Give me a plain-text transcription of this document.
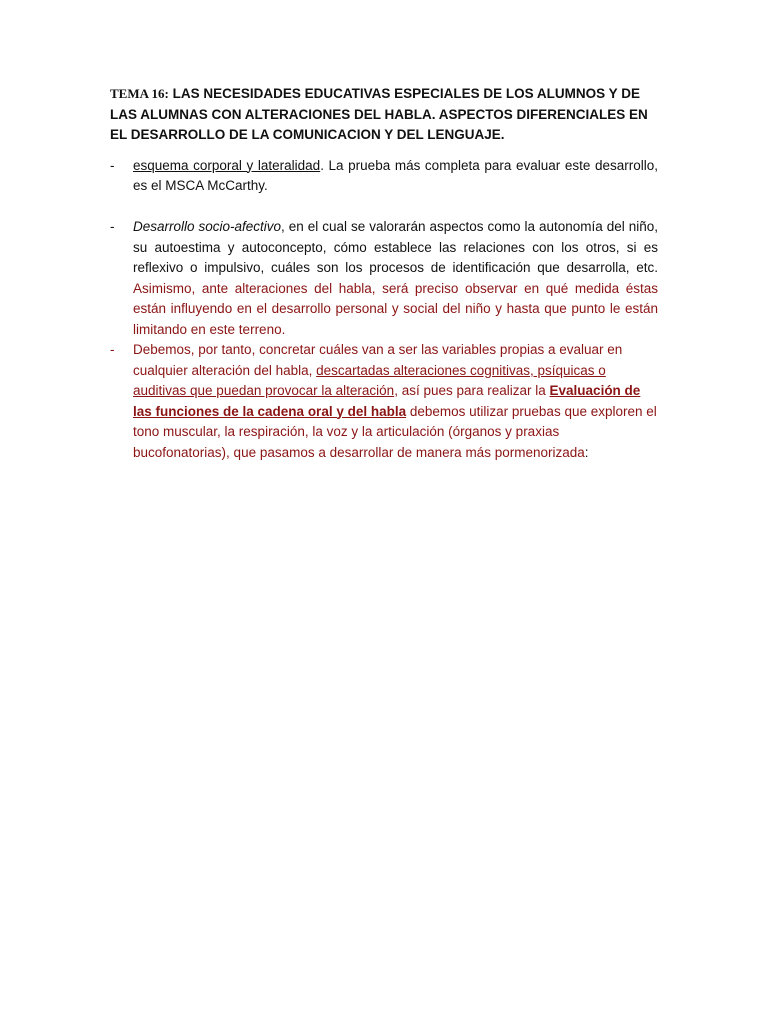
TEMA 16: LAS NECESIDADES EDUCATIVAS ESPECIALES DE LOS ALUMNOS Y DE LAS ALUMNAS CON ALTERACIONES DEL HABLA. ASPECTOS DIFERENCIALES EN EL DESARROLLO DE LA COMUNICACION Y DEL LENGUAJE.
- esquema corporal y lateralidad. La prueba más completa para evaluar este desarrollo, es el MSCA McCarthy.

- Desarrollo socio-afectivo, en el cual se valorarán aspectos como la autonomía del niño, su autoestima y autoconcepto, cómo establece las relaciones con los otros, si es reflexivo o impulsivo, cuáles son los procesos de identificación que desarrolla, etc. Asimismo, ante alteraciones del habla, será preciso observar en qué medida éstas están influyendo en el desarrollo personal y social del niño y hasta que punto le están limitando en este terreno.

- Debemos, por tanto, concretar cuáles van a ser las variables propias a evaluar en cualquier alteración del habla, descartadas alteraciones cognitivas, psíquicas o auditivas que puedan provocar la alteración, así pues para realizar la Evaluación de las funciones de la cadena oral y del habla debemos utilizar pruebas que exploren el tono muscular, la respiración, la voz y la articulación (órganos y praxias bucofonatorias), que pasamos a desarrollar de manera más pormenorizada:
